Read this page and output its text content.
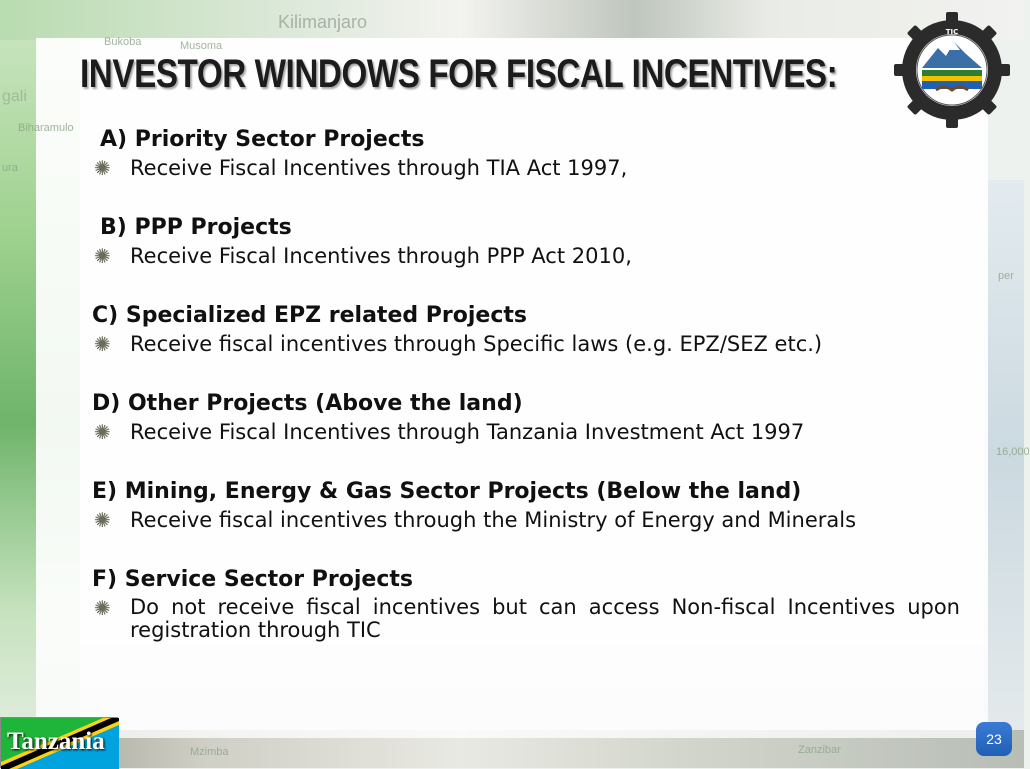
Kilimanjaro
Bukoba	Musoma
gali
Biharamulo
ura
Zanzibar
Mzimba
per
16,000
INVESTOR WINDOWS FOR FISCAL INCENTIVES:
TIC
A) Priority Sector Projects
✺ Receive Fiscal Incentives through TIA Act 1997,
B) PPP Projects
✺ Receive Fiscal Incentives through PPP Act 2010,
C) Specialized EPZ related Projects
✺ Receive fiscal incentives through Specific laws (e.g. EPZ/SEZ etc.)
D) Other Projects (Above the land)
✺ Receive Fiscal Incentives through Tanzania Investment Act 1997
E) Mining, Energy & Gas Sector Projects (Below the land)
✺ Receive fiscal incentives through the Ministry of Energy and Minerals
F) Service Sector Projects
✺ Do not receive fiscal incentives but can access Non-fiscal Incentives upon registration through TIC
Tanzania	23
